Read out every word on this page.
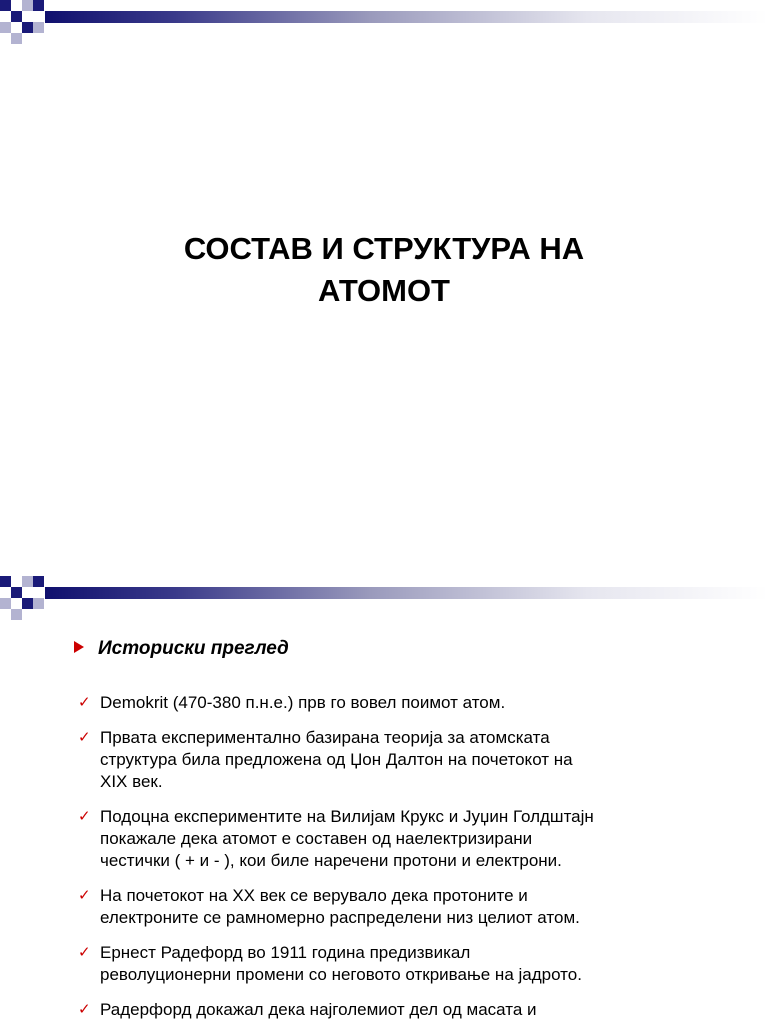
СОСТАВ И СТРУКТУРА НА
АТОМОТ
Историски преглед
✓ Demokrit (470-380 п.н.е.) прв го вовел поимот атом.
✓ Првата експериментално базирана теорија за атомската
структура била предложена од Џон Далтон на почетокот на
XIX век.
✓ Подоцна експериментите на Вилијам Крукс и Јуџин Голдштајн
покажале дека атомот е составен од наелектризирани
честички ( + и - ), кои биле наречени протони и електрони.
✓ На почетокот на XX век се верувало дека протоните и
електроните се рамномерно распределени низ целиот атом.
✓ Ернест Радефорд во 1911 година предизвикал
револуционерни промени со неговото откривање на јадрото.
✓ Радерфорд докажал дека најголемиот дел од масата и
